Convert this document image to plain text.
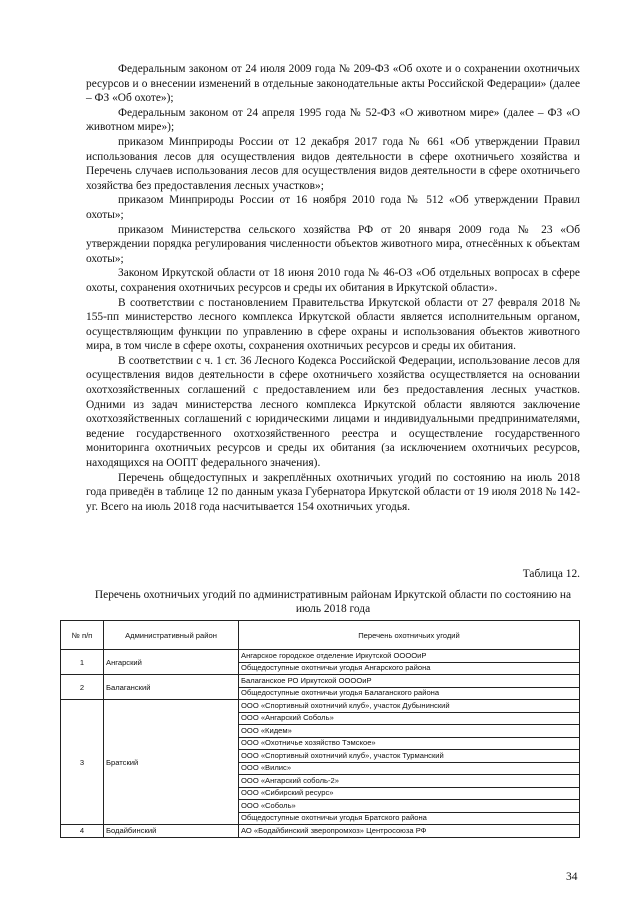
Федеральным законом от 24 июля 2009 года № 209-ФЗ «Об охоте и о сохранении охотничьих ресурсов и о внесении изменений в отдельные законодательные акты Российской Федерации» (далее – ФЗ «Об охоте»);

Федеральным законом от 24 апреля 1995 года № 52-ФЗ «О животном мире» (далее – ФЗ «О животном мире»);

приказом Минприроды России от 12 декабря 2017 года № 661 «Об утверждении Правил использования лесов для осуществления видов деятельности в сфере охотничьего хозяйства и Перечень случаев использования лесов для осуществления видов деятельности в сфере охотничьего хозяйства без предоставления лесных участков»;

приказом Минприроды России от 16 ноября 2010 года № 512 «Об утверждении Правил охоты»;

приказом Министерства сельского хозяйства РФ от 20 января 2009 года № 23 «Об утверждении порядка регулирования численности объектов животного мира, отнесённых к объектам охоты»;

Законом Иркутской области от 18 июня 2010 года № 46-ОЗ «Об отдельных вопросах в сфере охоты, сохранения охотничьих ресурсов и среды их обитания в Иркутской области».

В соответствии с постановлением Правительства Иркутской области от 27 февраля 2018 № 155-пп министерство лесного комплекса Иркутской области является исполнительным органом, осуществляющим функции по управлению в сфере охраны и использования объектов животного мира, в том числе в сфере охоты, сохранения охотничьих ресурсов и среды их обитания.

В соответствии с ч. 1 ст. 36 Лесного Кодекса Российской Федерации, использование лесов для осуществления видов деятельности в сфере охотничьего хозяйства осуществляется на основании охотхозяйственных соглашений с предоставлением или без предоставления лесных участков. Одними из задач министерства лесного комплекса Иркутской области являются заключение охотхозяйственных соглашений с юридическими лицами и индивидуальными предпринимателями, ведение государственного охотхозяйственного реестра и осуществление государственного мониторинга охотничьих ресурсов и среды их обитания (за исключением охотничьих ресурсов, находящихся на ООПТ федерального значения).

Перечень общедоступных и закреплённых охотничьих угодий по состоянию на июль 2018 года приведён в таблице 12 по данным указа Губернатора Иркутской области от 19 июля 2018 № 142-уг. Всего на июль 2018 года насчитывается 154 охотничьих угодья.

Таблица 12.
Перечень охотничьих угодий по административным районам Иркутской области по состоянию на июль 2018 года
№ п/п	Административный район	Перечень охотничьих угодий
1	Ангарский	Ангарское городское отделение Иркутской ООООиР
		Общедоступные охотничьи угодья Ангарского района
2	Балаганский	Балаганское РО Иркутской ООООиР
		Общедоступные охотничьи угодья Балаганского района
3	Братский	ООО «Спортивный охотничий клуб», участок Дубынинский
		ООО «Ангарский Соболь»
		ООО «Кидем»
		ООО «Охотничье хозяйство Тэмское»
		ООО «Спортивный охотничий клуб», участок Турманский
		ООО «Вилис»
		ООО «Ангарский соболь-2»
		ООО «Сибирский ресурс»
		ООО «Соболь»
		Общедоступные охотничьи угодья Братского района
4	Бодайбинский	АО «Бодайбинский зверопромхоз» Центросоюза РФ
34
